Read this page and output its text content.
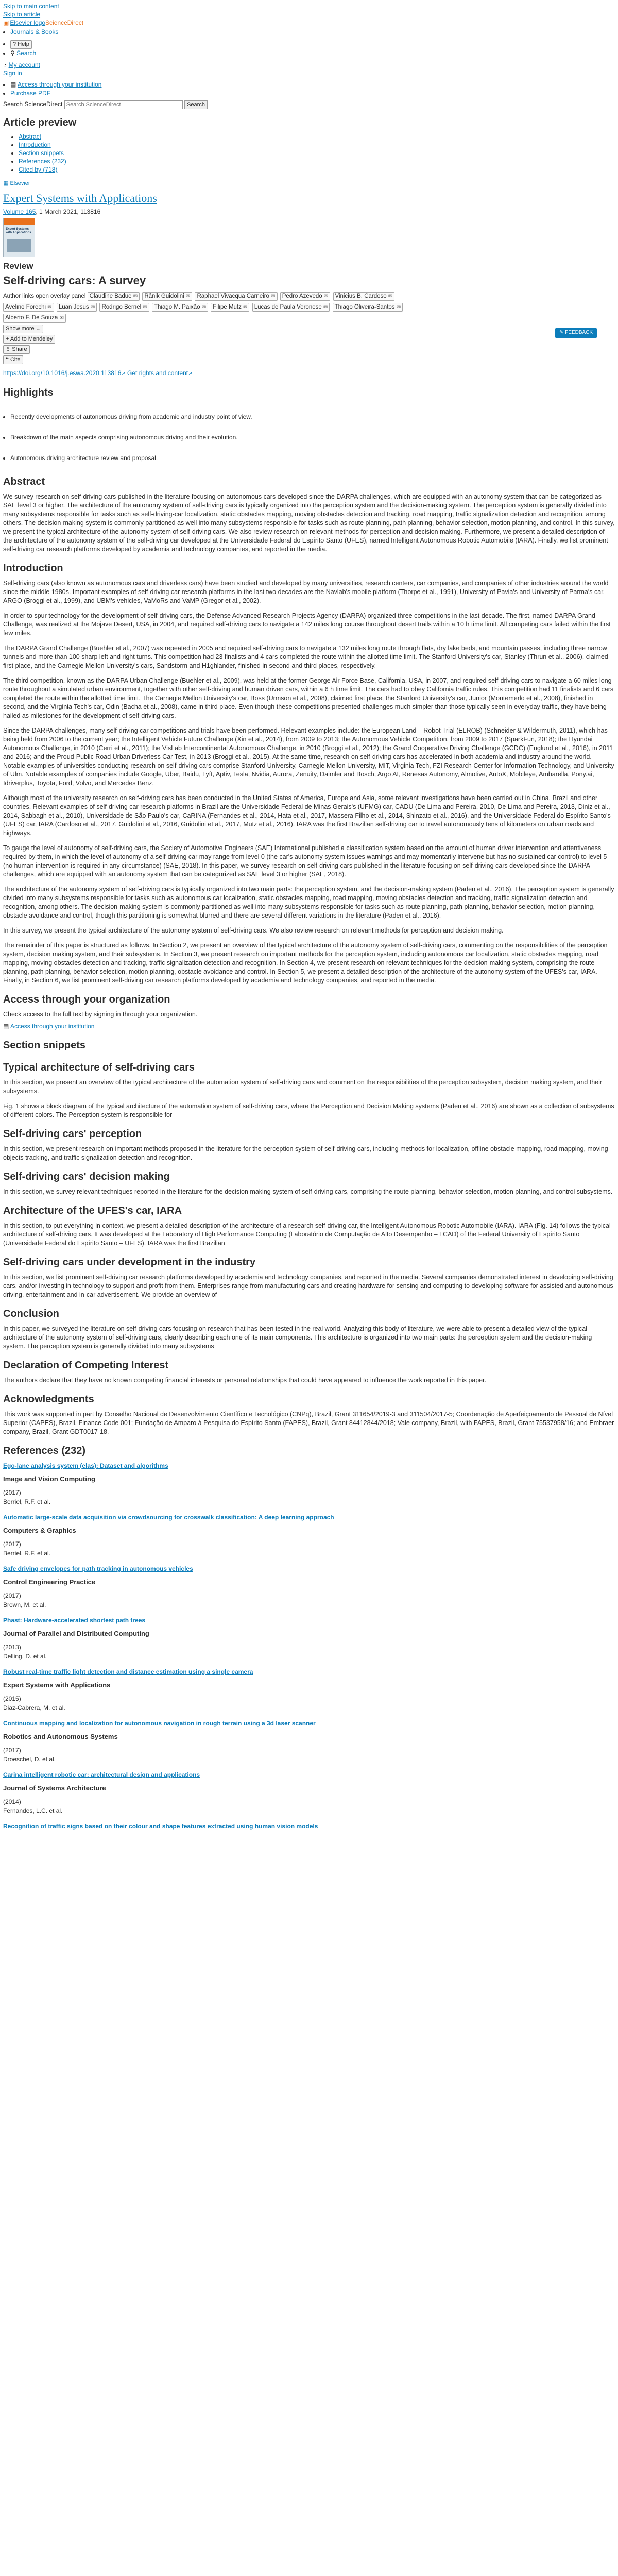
Skip to main content
Skip to article
▣ Elsevier logoScienceDirect
• Journals & Books
• ? Help
• ⚲ Search
◔ My account
Sign in
• ▤ Access through your institution
• Purchase PDF
Search ScienceDirect Search ScienceDirect	Search
Article preview
• Abstract
• Introduction
• Section snippets
• References (232)
• Cited by (718)
▦ Elsevier
Expert Systems with Applications
Volume 165, 1 March 2021, 113816
Expert Systems with Applications
Review
Self-driving cars: A survey
Author links open overlay panel Claudine Badue ✉ Rânik Guidolini ✉ Raphael Vivacqua Carneiro ✉ Pedro Azevedo ✉ Vinicius B. Cardoso ✉
Avelino Forechi ✉ Luan Jesus ✉ Rodrigo Berriel ✉ Thiago M. Paixão ✉ Filipe Mutz ✉ Lucas de Paula Veronese ✉ Thiago Oliveira-Santos ✉
Alberto F. De Souza ✉
✎ FEEDBACK
Show more ⌄
+ Add to Mendeley
⇪ Share
❝ Cite
https://doi.org/10.1016/j.eswa.2020.113816↗ Get rights and content↗
Highlights
• Recently developments of autonomous driving from academic and industry point of view.
• Breakdown of the main aspects comprising autonomous driving and their evolution.
• Autonomous driving architecture review and proposal.
Abstract

We survey research on self-driving cars published in the literature focusing on autonomous cars developed since the DARPA challenges, which are equipped with an autonomy system that can be categorized as SAE level 3 or higher. The architecture of the autonomy system of self-driving cars is typically organized into the perception system and the decision-making system. The perception system is generally divided into many subsystems responsible for tasks such as self-driving-car localization, static obstacles mapping, moving obstacles detection and tracking, road mapping, traffic signalization detection and recognition, among others. The decision-making system is commonly partitioned as well into many subsystems responsible for tasks such as route planning, path planning, behavior selection, motion planning, and control. In this survey, we present the typical architecture of the autonomy system of self-driving cars. We also review research on relevant methods for perception and decision making. Furthermore, we present a detailed description of the architecture of the autonomy system of the self-driving car developed at the Universidade Federal do Espírito Santo (UFES), named Intelligent Autonomous Robotic Automobile (IARA). Finally, we list prominent self-driving car research platforms developed by academia and technology companies, and reported in the media.

Introduction

Self-driving cars (also known as autonomous cars and driverless cars) have been studied and developed by many universities, research centers, car companies, and companies of other industries around the world since the middle 1980s. Important examples of self-driving car research platforms in the last two decades are the Navlab's mobile platform (Thorpe et al., 1991), University of Pavia's and University of Parma's car, ARGO (Broggi et al., 1999), and UBM's vehicles, VaMoRs and VaMP (Gregor et al., 2002).

In order to spur technology for the development of self-driving cars, the Defense Advanced Research Projects Agency (DARPA) organized three competitions in the last decade. The first, named DARPA Grand Challenge, was realized at the Mojave Desert, USA, in 2004, and required self-driving cars to navigate a 142 miles long course throughout desert trails within a 10 h time limit. All competing cars failed within the first few miles.

The DARPA Grand Challenge (Buehler et al., 2007) was repeated in 2005 and required self-driving cars to navigate a 132 miles long route through flats, dry lake beds, and mountain passes, including three narrow tunnels and more than 100 sharp left and right turns. This competition had 23 finalists and 4 cars completed the route within the allotted time limit. The Stanford University's car, Stanley (Thrun et al., 2006), claimed first place, and the Carnegie Mellon University's cars, Sandstorm and H1ghlander, finished in second and third places, respectively.

The third competition, known as the DARPA Urban Challenge (Buehler et al., 2009), was held at the former George Air Force Base, California, USA, in 2007, and required self-driving cars to navigate a 60 miles long route throughout a simulated urban environment, together with other self-driving and human driven cars, within a 6 h time limit. The cars had to obey California traffic rules. This competition had 11 finalists and 6 cars completed the route within the allotted time limit. The Carnegie Mellon University's car, Boss (Urmson et al., 2008), claimed first place, the Stanford University's car, Junior (Montemerlo et al., 2008), finished in second, and the Virginia Tech's car, Odin (Bacha et al., 2008), came in third place. Even though these competitions presented challenges much simpler than those typically seen in everyday traffic, they have being hailed as milestones for the development of self-driving cars.

Since the DARPA challenges, many self-driving car competitions and trials have been performed. Relevant examples include: the European Land – Robot Trial (ELROB) (Schneider & Wildermuth, 2011), which has being held from 2006 to the current year; the Intelligent Vehicle Future Challenge (Xin et al., 2014), from 2009 to 2013; the Autonomous Vehicle Competition, from 2009 to 2017 (SparkFun, 2018); the Hyundai Autonomous Challenge, in 2010 (Cerri et al., 2011); the VisLab Intercontinental Autonomous Challenge, in 2010 (Broggi et al., 2012); the Grand Cooperative Driving Challenge (GCDC) (Englund et al., 2016), in 2011 and 2016; and the Proud-Public Road Urban Driverless Car Test, in 2013 (Broggi et al., 2015). At the same time, research on self-driving cars has accelerated in both academia and industry around the world. Notable examples of universities conducting research on self-driving cars comprise Stanford University, Carnegie Mellon University, MIT, Virginia Tech, FZI Research Center for Information Technology, and University of Ulm. Notable examples of companies include Google, Uber, Baidu, Lyft, Aptiv, Tesla, Nvidia, Aurora, Zenuity, Daimler and Bosch, Argo AI, Renesas Autonomy, Almotive, AutoX, Mobileye, Ambarella, Pony.ai, Idriverplus, Toyota, Ford, Volvo, and Mercedes Benz.

Although most of the university research on self-driving cars has been conducted in the United States of America, Europe and Asia, some relevant investigations have been carried out in China, Brazil and other countries. Relevant examples of self-driving car research platforms in Brazil are the Universidade Federal de Minas Gerais's (UFMG) car, CADU (De Lima and Pereira, 2010, De Lima and Pereira, 2013, Diniz et al., 2014, Sabbagh et al., 2010), Universidade de São Paulo's car, CaRINA (Fernandes et al., 2014, Hata et al., 2017, Massera Filho et al., 2014, Shinzato et al., 2016), and the Universidade Federal do Espírito Santo's (UFES) car, IARA (Cardoso et al., 2017, Guidolini et al., 2016, Guidolini et al., 2017, Mutz et al., 2016). IARA was the first Brazilian self-driving car to travel autonomously tens of kilometers on urban roads and highways.

To gauge the level of autonomy of self-driving cars, the Society of Automotive Engineers (SAE) International published a classification system based on the amount of human driver intervention and attentiveness required by them, in which the level of autonomy of a self-driving car may range from level 0 (the car's autonomy system issues warnings and may momentarily intervene but has no sustained car control) to level 5 (no human intervention is required in any circumstance) (SAE, 2018). In this paper, we survey research on self-driving cars published in the literature focusing on self-driving cars developed since the DARPA challenges, which are equipped with an autonomy system that can be categorized as SAE level 3 or higher (SAE, 2018).

The architecture of the autonomy system of self-driving cars is typically organized into two main parts: the perception system, and the decision-making system (Paden et al., 2016). The perception system is generally divided into many subsystems responsible for tasks such as autonomous car localization, static obstacles mapping, road mapping, moving obstacles detection and tracking, traffic signalization detection and recognition, among others. The decision-making system is commonly partitioned as well into many subsystems responsible for tasks such as route planning, path planning, behavior selection, motion planning, obstacle avoidance and control, though this partitioning is somewhat blurred and there are several different variations in the literature (Paden et al., 2016).

In this survey, we present the typical architecture of the autonomy system of self-driving cars. We also review research on relevant methods for perception and decision making.

The remainder of this paper is structured as follows. In Section 2, we present an overview of the typical architecture of the autonomy system of self-driving cars, commenting on the responsibilities of the perception system, decision making system, and their subsystems. In Section 3, we present research on important methods for the perception system, including autonomous car localization, static obstacles mapping, road mapping, moving obstacles detection and tracking, traffic signalization detection and recognition. In Section 4, we present research on relevant techniques for the decision-making system, comprising the route planning, path planning, behavior selection, motion planning, obstacle avoidance and control. In Section 5, we present a detailed description of the architecture of the autonomy system of the UFES's car, IARA. Finally, in Section 6, we list prominent self-driving car research platforms developed by academia and technology companies, and reported in the media.

Access through your organization

Check access to the full text by signing in through your organization.

▤ Access through your institution
Section snippets
Typical architecture of self-driving cars

In this section, we present an overview of the typical architecture of the automation system of self-driving cars and comment on the responsibilities of the perception subsystem, decision making system, and their subsystems.

Fig. 1 shows a block diagram of the typical architecture of the automation system of self-driving cars, where the Perception and Decision Making systems (Paden et al., 2016) are shown as a collection of subsystems of different colors. The Perception system is responsible for

Self-driving cars' perception

In this section, we present research on important methods proposed in the literature for the perception system of self-driving cars, including methods for localization, offline obstacle mapping, road mapping, moving objects tracking, and traffic signalization detection and recognition.

Self-driving cars' decision making

In this section, we survey relevant techniques reported in the literature for the decision making system of self-driving cars, comprising the route planning, behavior selection, motion planning, and control subsystems.

Architecture of the UFES's car, IARA

In this section, to put everything in context, we present a detailed description of the architecture of a research self-driving car, the Intelligent Autonomous Robotic Automobile (IARA). IARA (Fig. 14) follows the typical architecture of self-driving cars. It was developed at the Laboratory of High Performance Computing (Laboratório de Computação de Alto Desempenho – LCAD) of the Federal University of Espírito Santo (Universidade Federal do Espírito Santo – UFES). IARA was the first Brazilian

Self-driving cars under development in the industry

In this section, we list prominent self-driving car research platforms developed by academia and technology companies, and reported in the media. Several companies demonstrated interest in developing self-driving cars, and/or investing in technology to support and profit from them. Enterprises range from manufacturing cars and creating hardware for sensing and computing to developing software for assisted and autonomous driving, entertainment and in-car advertisement. We provide an overview of

Conclusion

In this paper, we surveyed the literature on self-driving cars focusing on research that has been tested in the real world. Analyzing this body of literature, we were able to present a detailed view of the typical architecture of the autonomy system of self-driving cars, clearly describing each one of its main components. This architecture is organized into two main parts: the perception system and the decision-making system. The perception system is generally divided into many subsystems

Declaration of Competing Interest

The authors declare that they have no known competing financial interests or personal relationships that could have appeared to influence the work reported in this paper.

Acknowledgments

This work was supported in part by Conselho Nacional de Desenvolvimento Científico e Tecnológico (CNPq), Brazil, Grant 311654/2019-3 and 311504/2017-5; Coordenação de Aperfeiçoamento de Pessoal de Nível Superior (CAPES), Brazil, Finance Code 001; Fundação de Amparo à Pesquisa do Espírito Santo (FAPES), Brazil, Grant 84412844/2018; Vale company, Brazil, with FAPES, Brazil, Grant 75537958/16; and Embraer company, Brazil, Grant GDT0017-18.

References (232)
Ego-lane analysis system (elas): Dataset and algorithms
Image and Vision Computing
(2017)
Berriel, R.F. et al.
Automatic large-scale data acquisition via crowdsourcing for crosswalk classification: A deep learning approach
Computers & Graphics
(2017)
Berriel, R.F. et al.
Safe driving envelopes for path tracking in autonomous vehicles
Control Engineering Practice
(2017)
Brown, M. et al.
Phast: Hardware-accelerated shortest path trees
Journal of Parallel and Distributed Computing
(2013)
Delling, D. et al.
Robust real-time traffic light detection and distance estimation using a single camera
Expert Systems with Applications
(2015)
Diaz-Cabrera, M. et al.
Continuous mapping and localization for autonomous navigation in rough terrain using a 3d laser scanner
Robotics and Autonomous Systems
(2017)
Droeschel, D. et al.
Carina intelligent robotic car: architectural design and applications
Journal of Systems Architecture
(2014)
Fernandes, L.C. et al.
Recognition of traffic signs based on their colour and shape features extracted using human vision models
